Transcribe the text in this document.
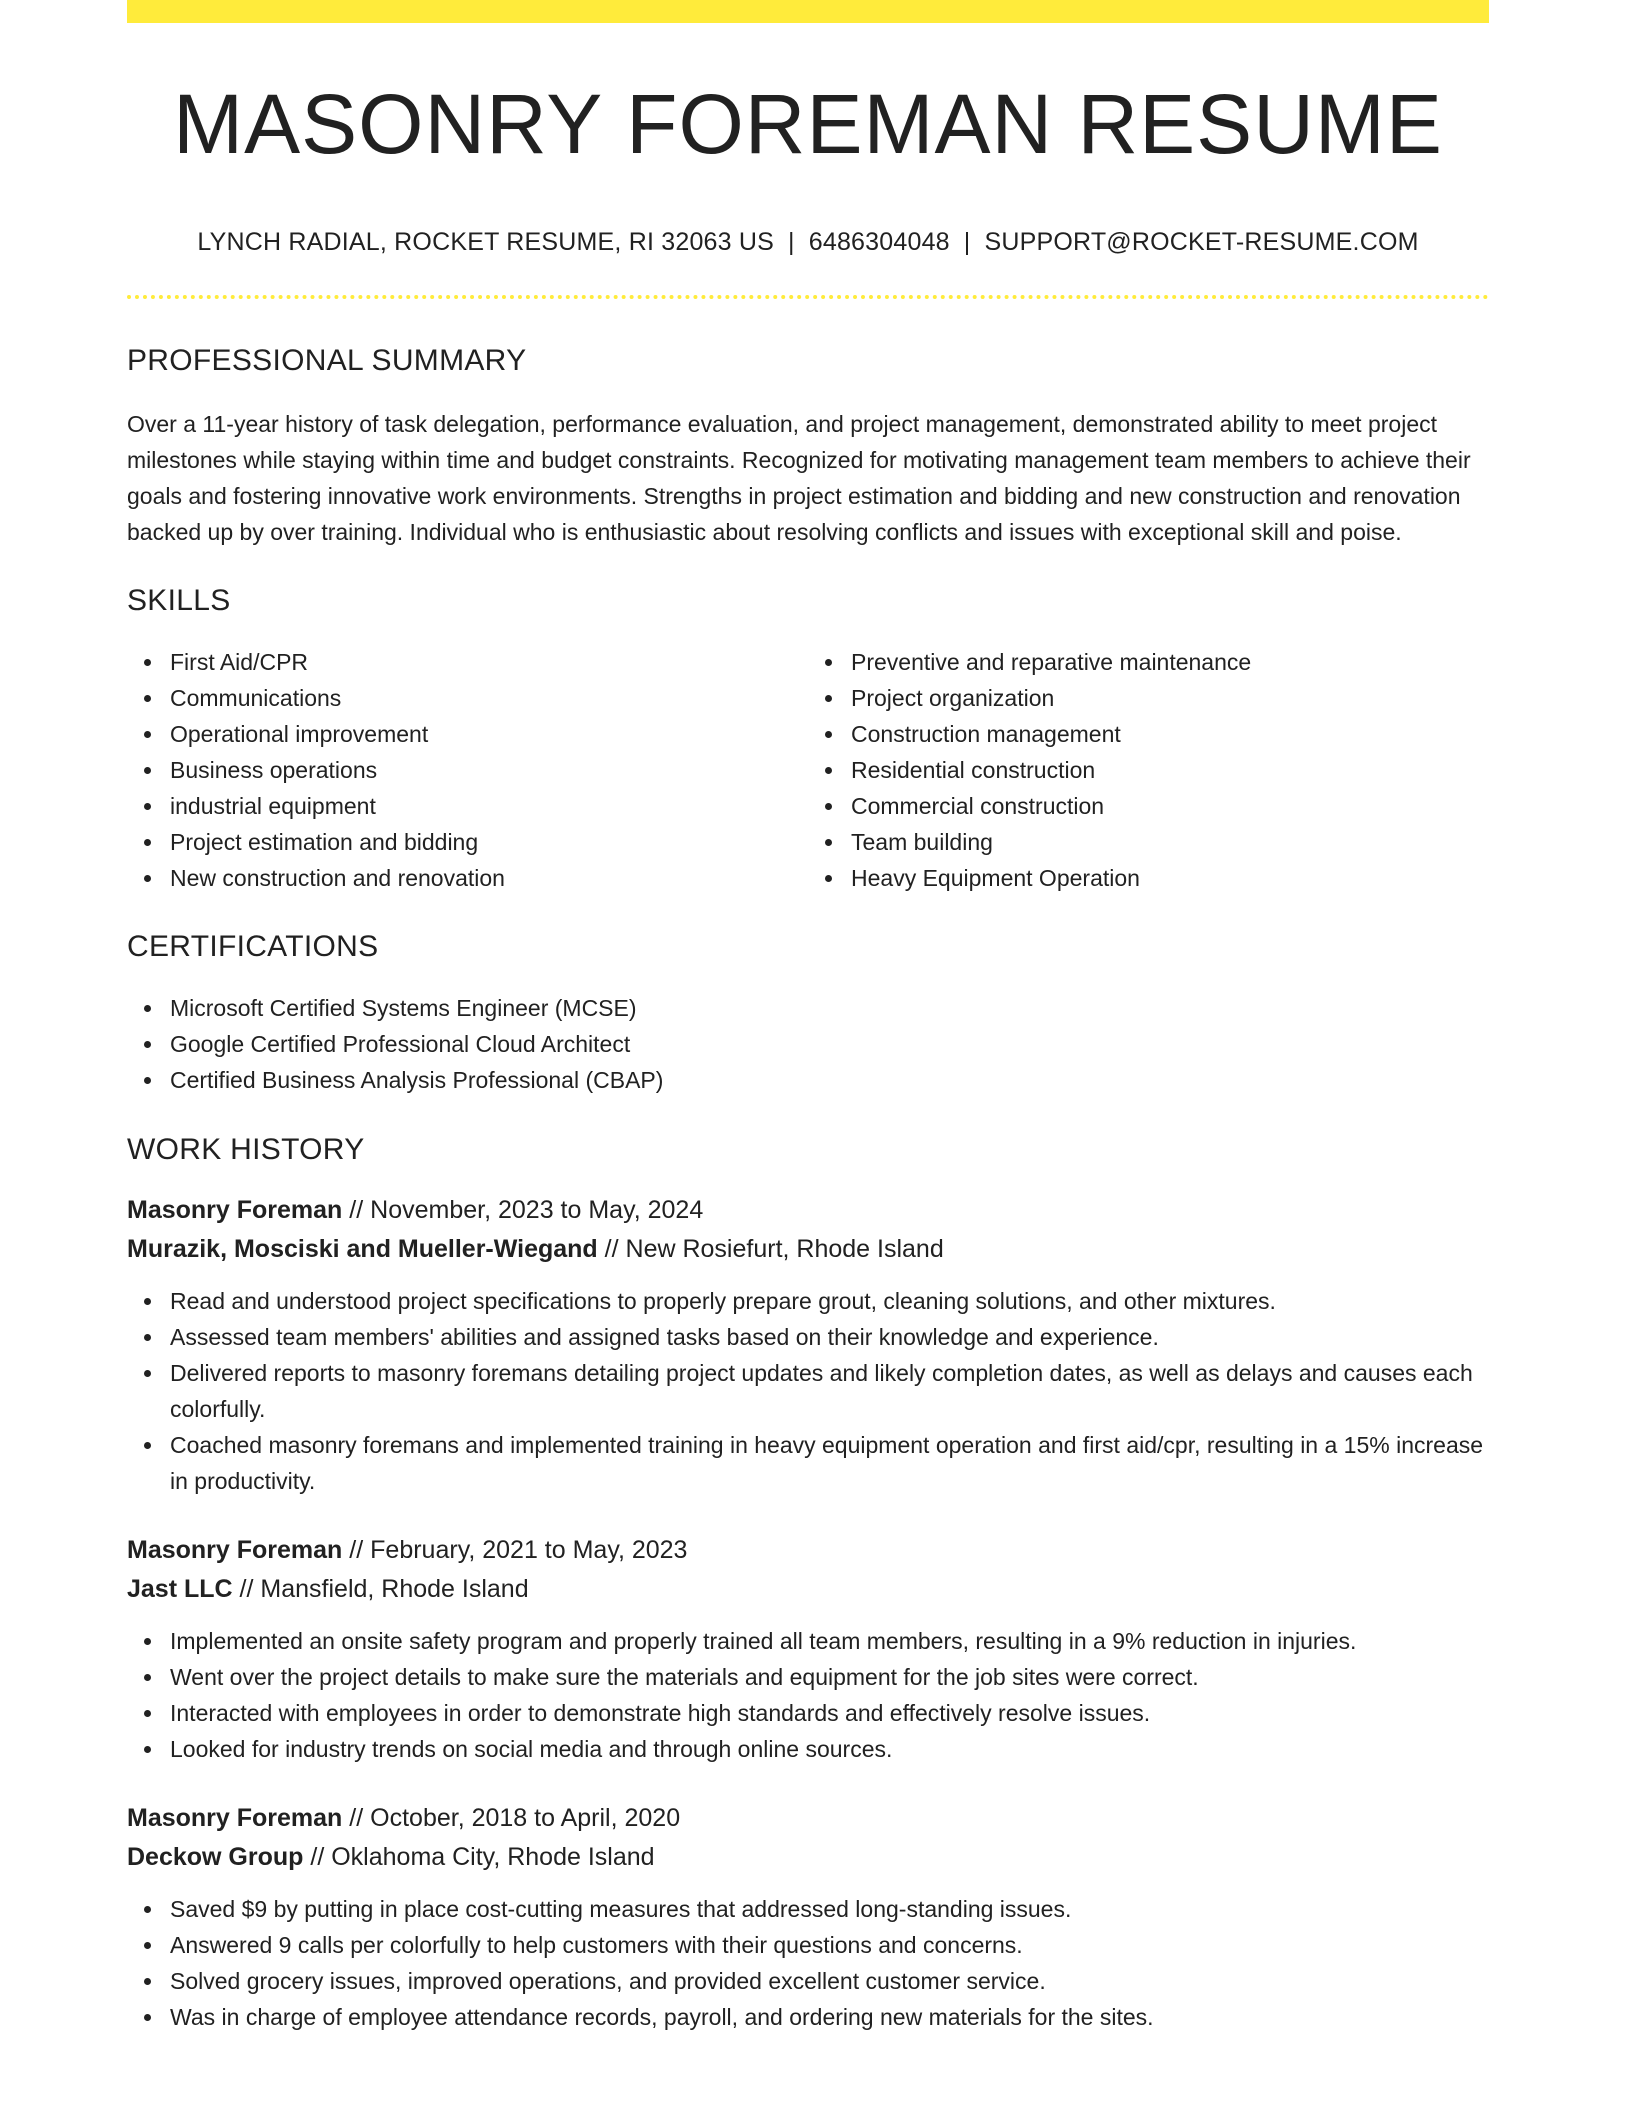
MASONRY FOREMAN RESUME
LYNCH RADIAL, ROCKET RESUME, RI 32063 US | 6486304048 | SUPPORT@ROCKET-RESUME.COM
PROFESSIONAL SUMMARY
Over a 11-year history of task delegation, performance evaluation, and project management, demonstrated ability to meet project milestones while staying within time and budget constraints. Recognized for motivating management team members to achieve their goals and fostering innovative work environments. Strengths in project estimation and bidding and new construction and renovation backed up by over training. Individual who is enthusiastic about resolving conflicts and issues with exceptional skill and poise.
SKILLS
First Aid/CPR
Communications
Operational improvement
Business operations
industrial equipment
Project estimation and bidding
New construction and renovation
Preventive and reparative maintenance
Project organization
Construction management
Residential construction
Commercial construction
Team building
Heavy Equipment Operation
CERTIFICATIONS
Microsoft Certified Systems Engineer (MCSE)
Google Certified Professional Cloud Architect
Certified Business Analysis Professional (CBAP)
WORK HISTORY
Masonry Foreman // November, 2023 to May, 2024
Murazik, Mosciski and Mueller-Wiegand // New Rosiefurt, Rhode Island
Read and understood project specifications to properly prepare grout, cleaning solutions, and other mixtures.
Assessed team members' abilities and assigned tasks based on their knowledge and experience.
Delivered reports to masonry foremans detailing project updates and likely completion dates, as well as delays and causes each colorfully.
Coached masonry foremans and implemented training in heavy equipment operation and first aid/cpr, resulting in a 15% increase in productivity.
Masonry Foreman // February, 2021 to May, 2023
Jast LLC // Mansfield, Rhode Island
Implemented an onsite safety program and properly trained all team members, resulting in a 9% reduction in injuries.
Went over the project details to make sure the materials and equipment for the job sites were correct.
Interacted with employees in order to demonstrate high standards and effectively resolve issues.
Looked for industry trends on social media and through online sources.
Masonry Foreman // October, 2018 to April, 2020
Deckow Group // Oklahoma City, Rhode Island
Saved $9 by putting in place cost-cutting measures that addressed long-standing issues.
Answered 9 calls per colorfully to help customers with their questions and concerns.
Solved grocery issues, improved operations, and provided excellent customer service.
Was in charge of employee attendance records, payroll, and ordering new materials for the sites.
